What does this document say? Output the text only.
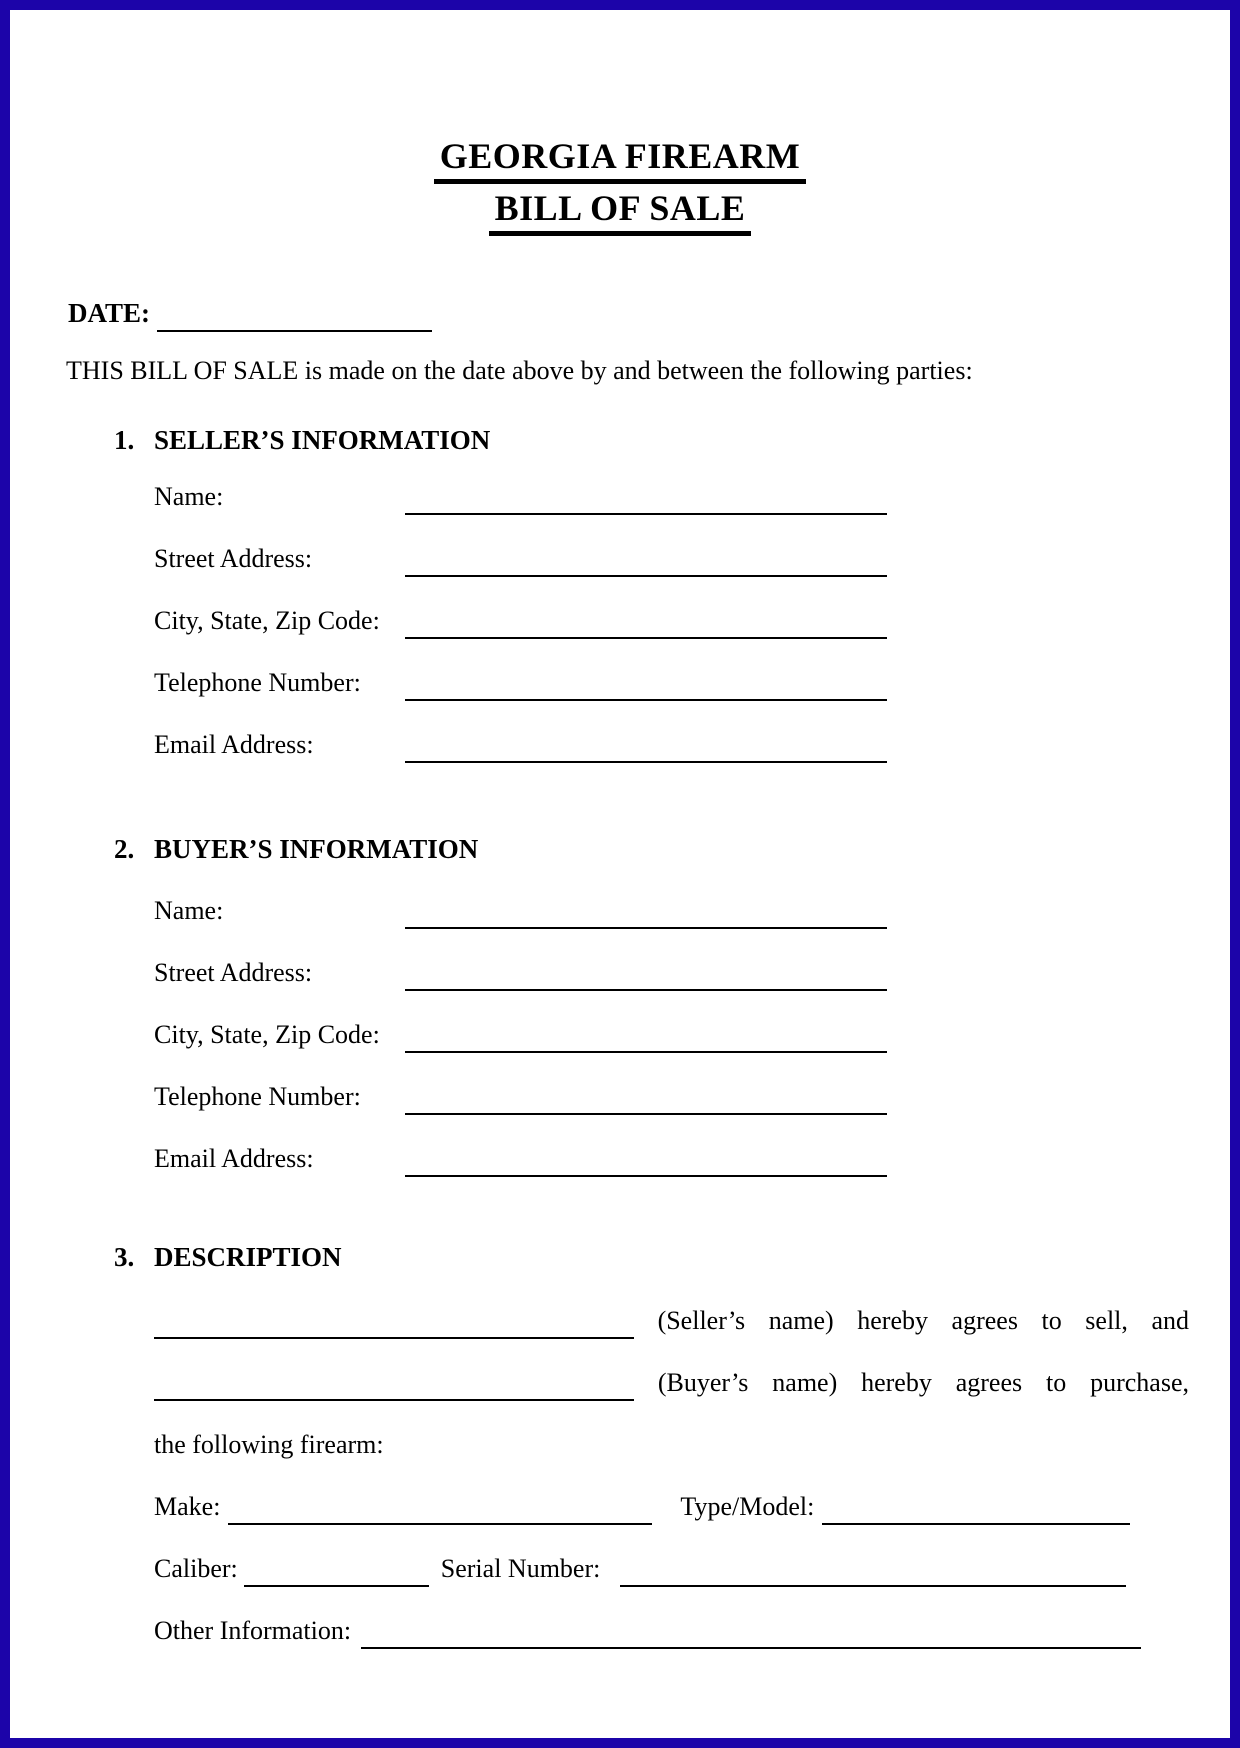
GEORGIA FIREARM
BILL OF SALE
DATE:
THIS BILL OF SALE is made on the date above by and between the following parties:
1. SELLER’S INFORMATION
Name:
Street Address:
City, State, Zip Code:
Telephone Number:
Email Address:
2. BUYER’S INFORMATION
Name:
Street Address:
City, State, Zip Code:
Telephone Number:
Email Address:
3. DESCRIPTION
(Seller’s name) hereby agrees to sell, and
(Buyer’s name) hereby agrees to purchase,
the following firearm:
Make:	Type/Model:
Caliber:	Serial Number:
Other Information:
